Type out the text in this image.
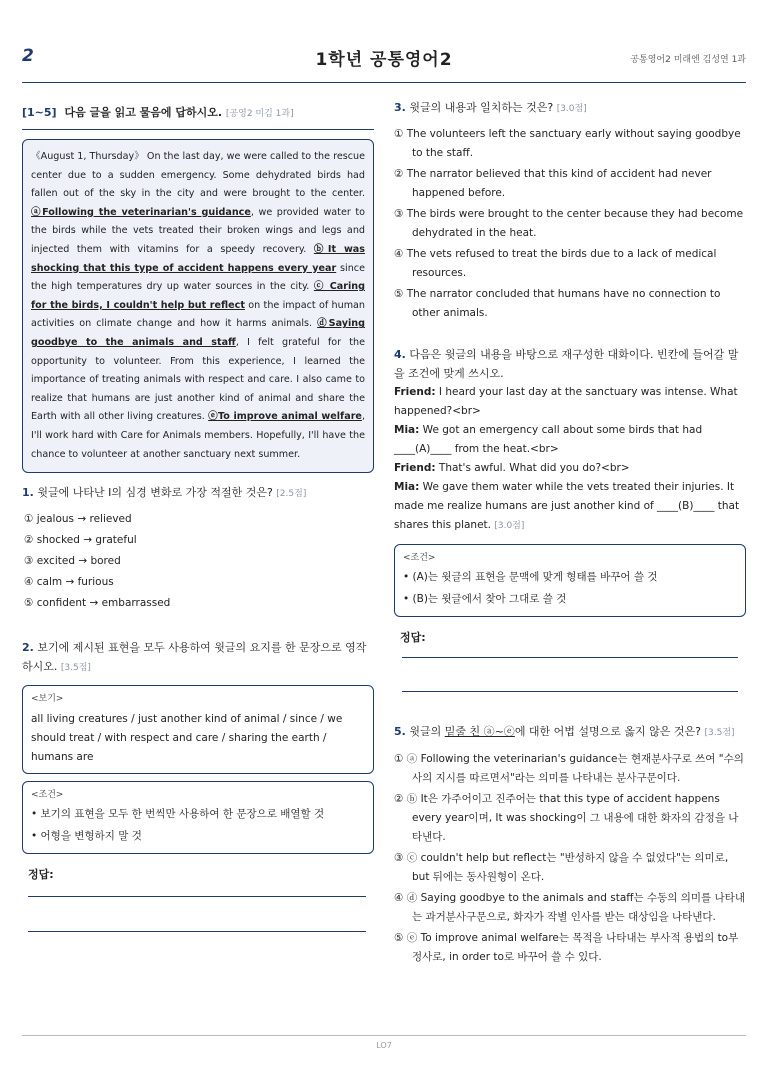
2	1학년 공통영어2	공통영어2 미래엔 김성연 1과
[1~5] 다음 글을 읽고 물음에 답하시오. [공영2 미김 1과]
《August 1, Thursday》 On the last day, we were called to the rescue center due to a sudden emergency. Some dehydrated birds had fallen out of the sky in the city and were brought to the center. ⓐFollowing the veterinarian's guidance, we provided water to the birds while the vets treated their broken wings and legs and injected them with vitamins for a speedy recovery. ⓑIt was shocking that this type of accident happens every year since the high temperatures dry up water sources in the city. ⓒ Caring for the birds, I couldn't help but reflect on the impact of human activities on climate change and how it harms animals. ⓓSaying goodbye to the animals and staff, I felt grateful for the opportunity to volunteer. From this experience, I learned the importance of treating animals with respect and care. I also came to realize that humans are just another kind of animal and share the Earth with all other living creatures. ⓔTo improve animal welfare, I'll work hard with Care for Animals members. Hopefully, I'll have the chance to volunteer at another sanctuary next summer.
1. 윗글에 나타난 I의 심경 변화로 가장 적절한 것은? [2.5점]
① jealous → relieved
② shocked → grateful
③ excited → bored
④ calm → furious
⑤ confident → embarrassed
2. 보기에 제시된 표현을 모두 사용하여 윗글의 요지를 한 문장으로 영작하시오. [3.5점]
<보기>
all living creatures / just another kind of animal / since / we should treat / with respect and care / sharing the earth / humans are
<조건>
• 보기의 표현을 모두 한 번씩만 사용하여 한 문장으로 배열할 것
• 어형을 변형하지 말 것
정답:
3. 윗글의 내용과 일치하는 것은? [3.0점]
① The volunteers left the sanctuary early without saying goodbye to the staff.
② The narrator believed that this kind of accident had never happened before.
③ The birds were brought to the center because they had become dehydrated in the heat.
④ The vets refused to treat the birds due to a lack of medical resources.
⑤ The narrator concluded that humans have no connection to other animals.
4. 다음은 윗글의 내용을 바탕으로 재구성한 대화이다. 빈칸에 들어갈 말을 조건에 맞게 쓰시오.
Friend: I heard your last day at the sanctuary was intense. What happened?<br>
Mia: We got an emergency call about some birds that had ____(A)____ from the heat.<br>
Friend: That's awful. What did you do?<br>
Mia: We gave them water while the vets treated their injuries. It made me realize humans are just another kind of ____(B)____ that shares this planet. [3.0점]
<조건>
• (A)는 윗글의 표현을 문맥에 맞게 형태를 바꾸어 쓸 것
• (B)는 윗글에서 찾아 그대로 쓸 것
정답:
5. 윗글의 밑줄 친 ⓐ~ⓔ에 대한 어법 설명으로 옳지 않은 것은? [3.5점]
① ⓐ Following the veterinarian's guidance는 현재분사구로 쓰여 "수의사의 지시를 따르면서"라는 의미를 나타내는 분사구문이다.
② ⓑ It은 가주어이고 진주어는 that this type of accident happens every year이며, It was shocking이 그 내용에 대한 화자의 감정을 나타낸다.
③ ⓒ couldn't help but reflect는 "반성하지 않을 수 없었다"는 의미로, but 뒤에는 동사원형이 온다.
④ ⓓ Saying goodbye to the animals and staff는 수동의 의미를 나타내는 과거분사구문으로, 화자가 작별 인사를 받는 대상임을 나타낸다.
⑤ ⓔ To improve animal welfare는 목적을 나타내는 부사적 용법의 to부정사로, in order to로 바꾸어 쓸 수 있다.
LO7
